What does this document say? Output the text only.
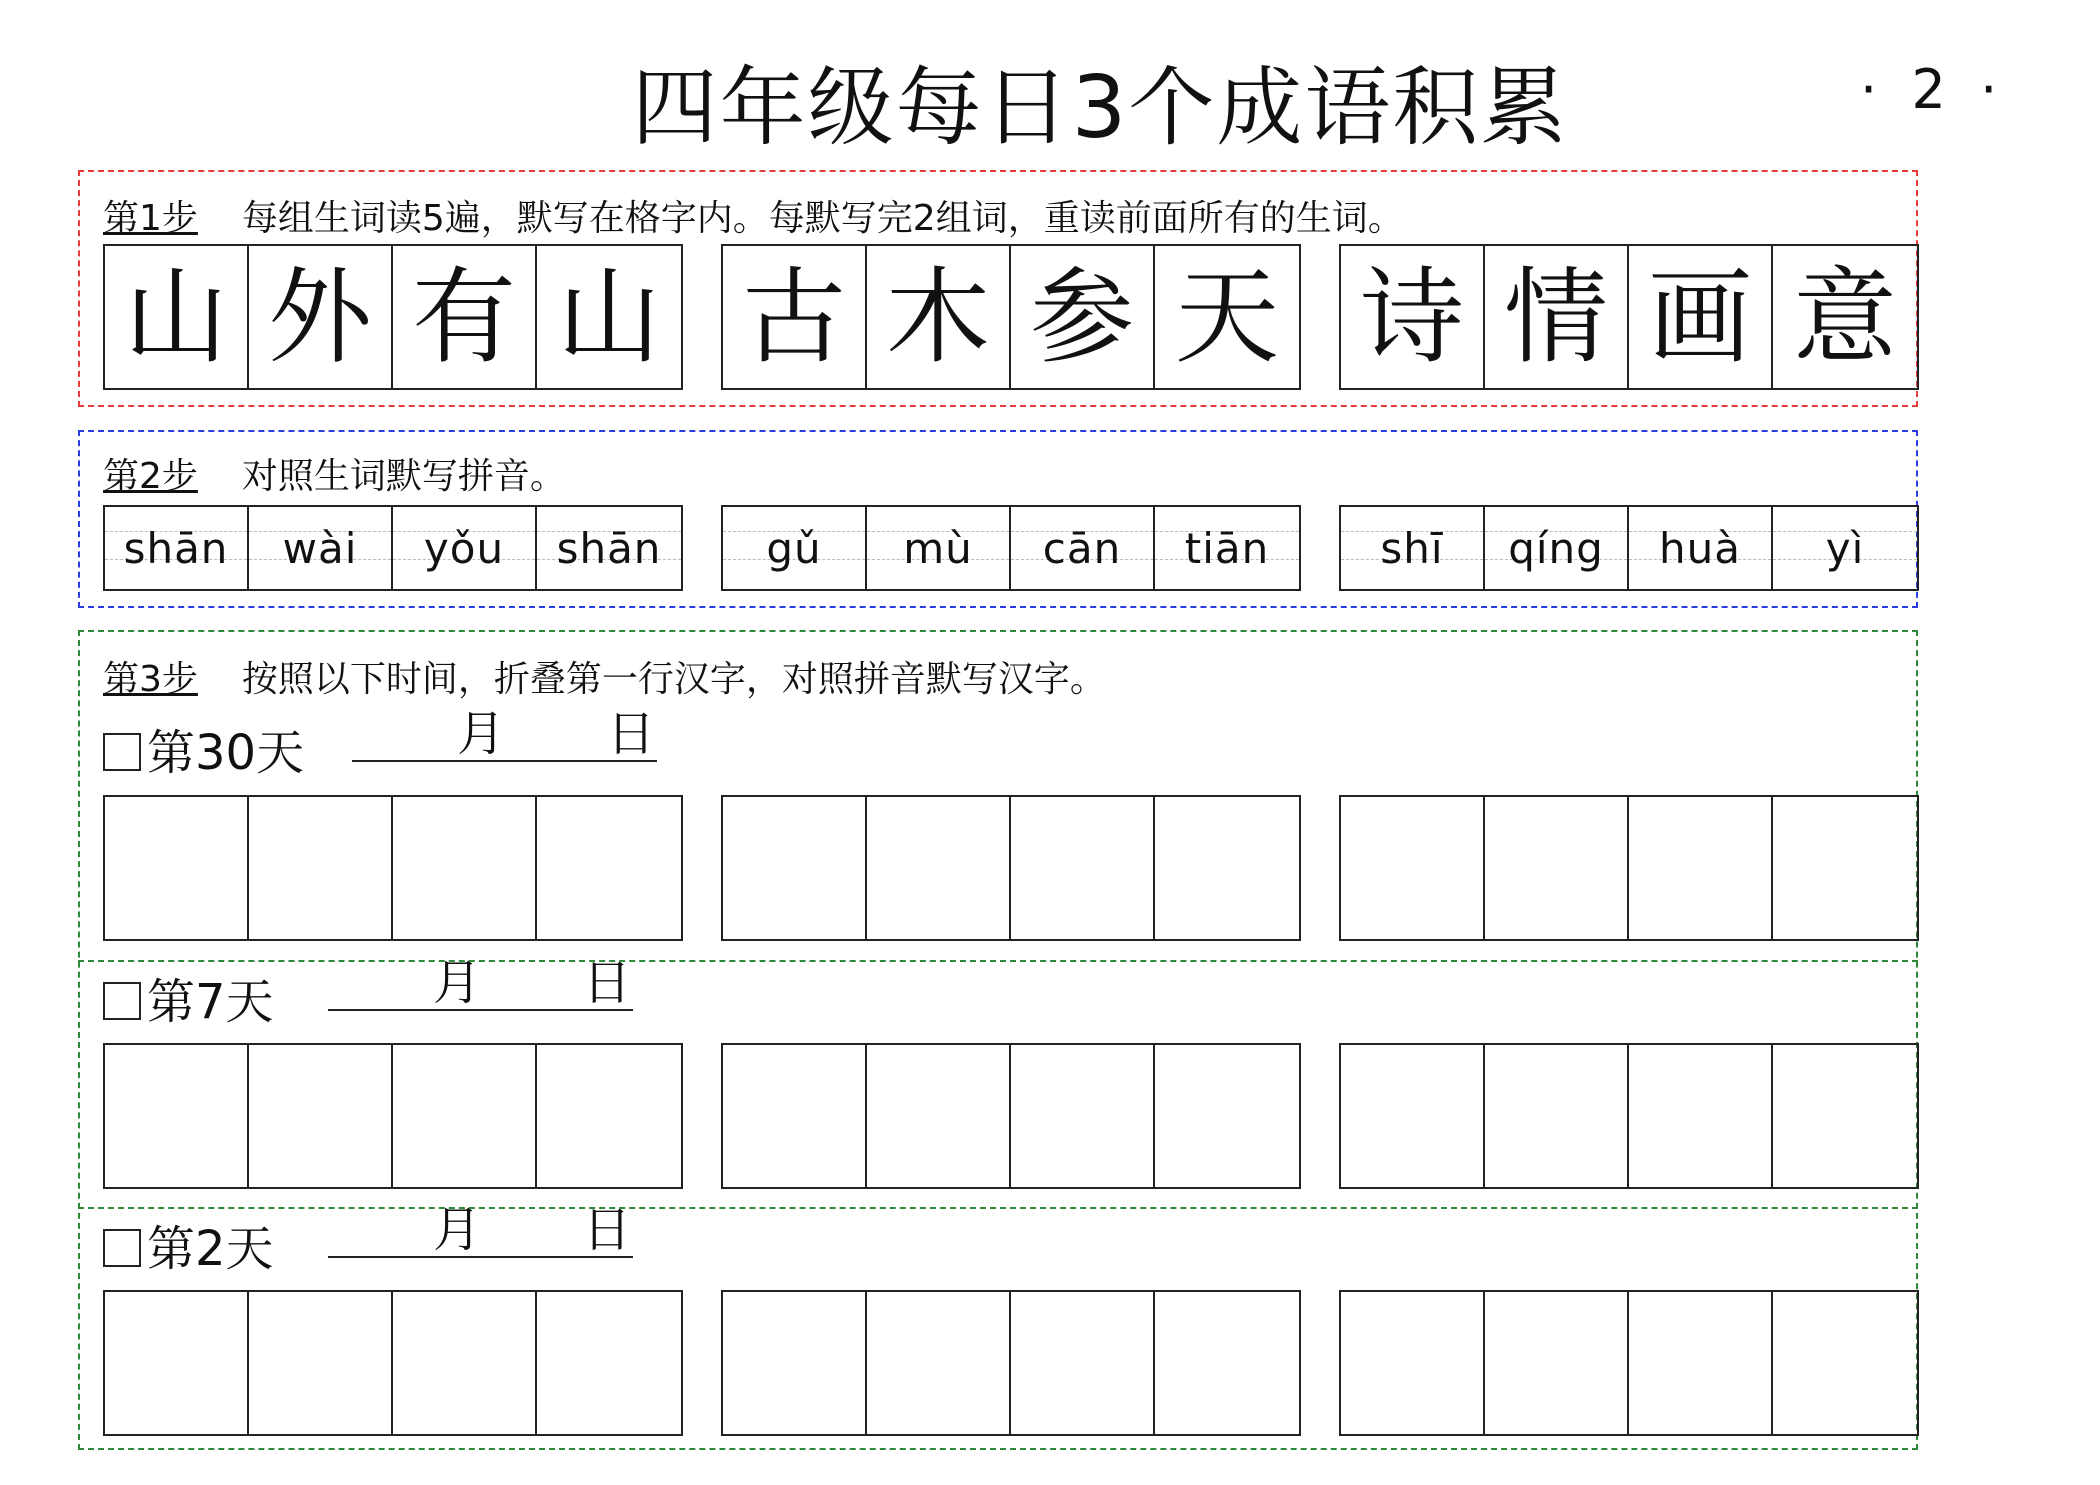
四年级每日3个成语积累	·  2  ·
第1步 每组生词读5遍，默写在格字内。每默写完2组词，重读前面所有的生词。
山 外 有 山 古 木 参 天 诗 情 画 意
第2步 对照生词默写拼音。
shān wài yǒu shān gǔ mù cān tiān	shī qíng huà yì
第3步 按照以下时间，折叠第一行汉字，对照拼音默写汉字。
第30天	月 日
第7天	月 日
第2天	月 日
